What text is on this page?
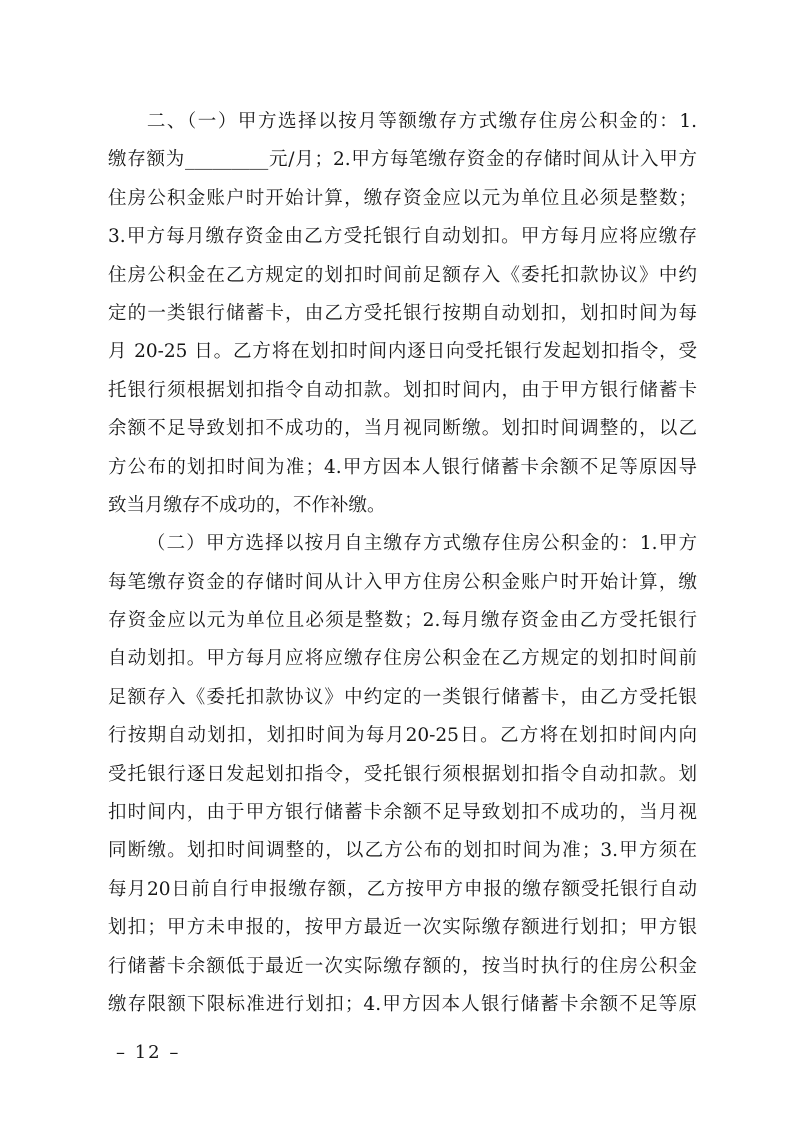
二、（一）甲方选择以按月等额缴存方式缴存住房公积金的：1.
缴存额为_________元/月；2.甲方每笔缴存资金的存储时间从计入甲方
住房公积金账户时开始计算，缴存资金应以元为单位且必须是整数；
3.甲方每月缴存资金由乙方受托银行自动划扣。甲方每月应将应缴存
住房公积金在乙方规定的划扣时间前足额存入《委托扣款协议》中约
定的一类银行储蓄卡，由乙方受托银行按期自动划扣，划扣时间为每
月 20-25 日。乙方将在划扣时间内逐日向受托银行发起划扣指令，受
托银行须根据划扣指令自动扣款。划扣时间内，由于甲方银行储蓄卡
余额不足导致划扣不成功的，当月视同断缴。划扣时间调整的，以乙
方公布的划扣时间为准；4.甲方因本人银行储蓄卡余额不足等原因导
致当月缴存不成功的，不作补缴。
（二）甲方选择以按月自主缴存方式缴存住房公积金的：1.甲方
每笔缴存资金的存储时间从计入甲方住房公积金账户时开始计算，缴
存资金应以元为单位且必须是整数；2.每月缴存资金由乙方受托银行
自动划扣。甲方每月应将应缴存住房公积金在乙方规定的划扣时间前
足额存入《委托扣款协议》中约定的一类银行储蓄卡，由乙方受托银
行按期自动划扣，划扣时间为每月20-25日。乙方将在划扣时间内向
受托银行逐日发起划扣指令，受托银行须根据划扣指令自动扣款。划
扣时间内，由于甲方银行储蓄卡余额不足导致划扣不成功的，当月视
同断缴。划扣时间调整的，以乙方公布的划扣时间为准；3.甲方须在
每月20日前自行申报缴存额，乙方按甲方申报的缴存额受托银行自动
划扣；甲方未申报的，按甲方最近一次实际缴存额进行划扣；甲方银
行储蓄卡余额低于最近一次实际缴存额的，按当时执行的住房公积金
缴存限额下限标准进行划扣；4.甲方因本人银行储蓄卡余额不足等原
– 12 –
